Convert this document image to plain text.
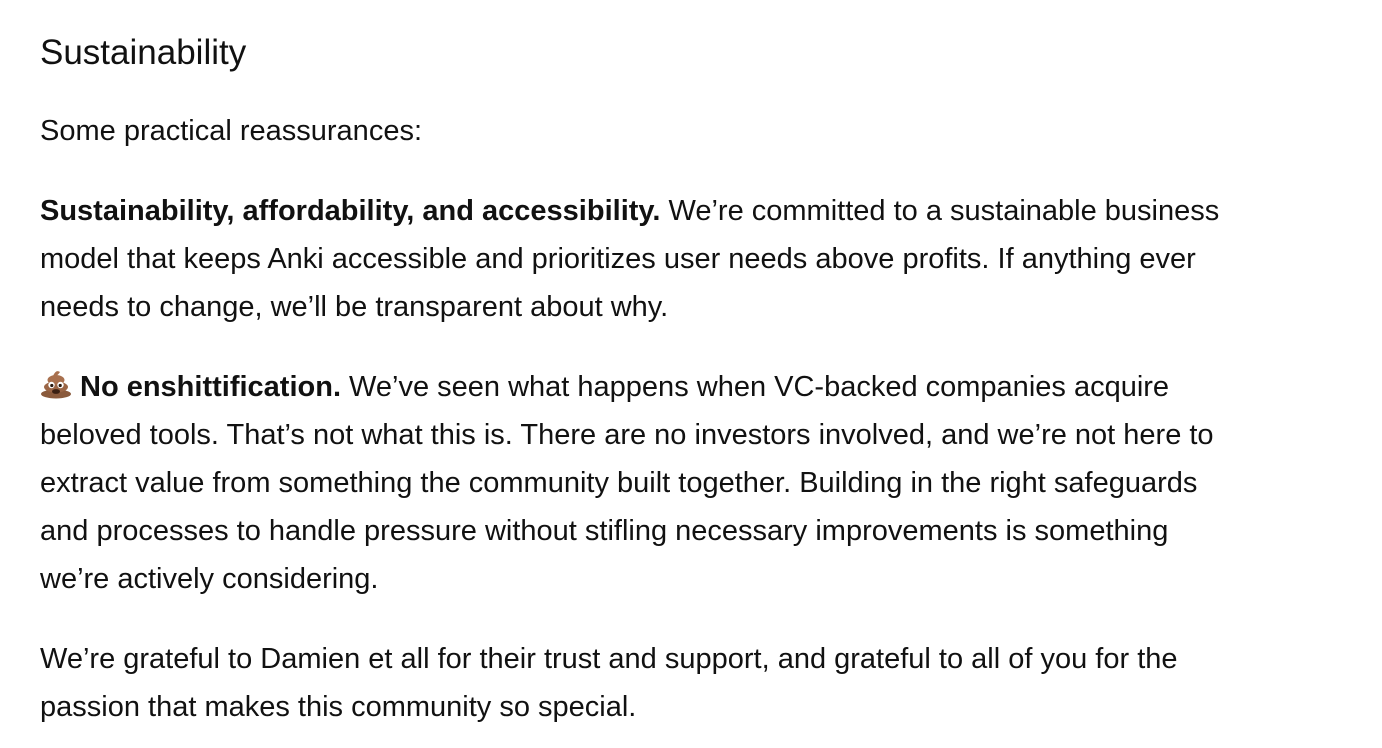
Sustainability

Some practical reassurances:

Sustainability, affordability, and accessibility. We’re committed to a sustainable business
model that keeps Anki accessible and prioritizes user needs above profits. If anything ever
needs to change, we’ll be transparent about why.

No enshittification. We’ve seen what happens when VC-backed companies acquire
beloved tools. That’s not what this is. There are no investors involved, and we’re not here to
extract value from something the community built together. Building in the right safeguards
and processes to handle pressure without stifling necessary improvements is something
we’re actively considering.

We’re grateful to Damien et all for their trust and support, and grateful to all of you for the
passion that makes this community so special.
